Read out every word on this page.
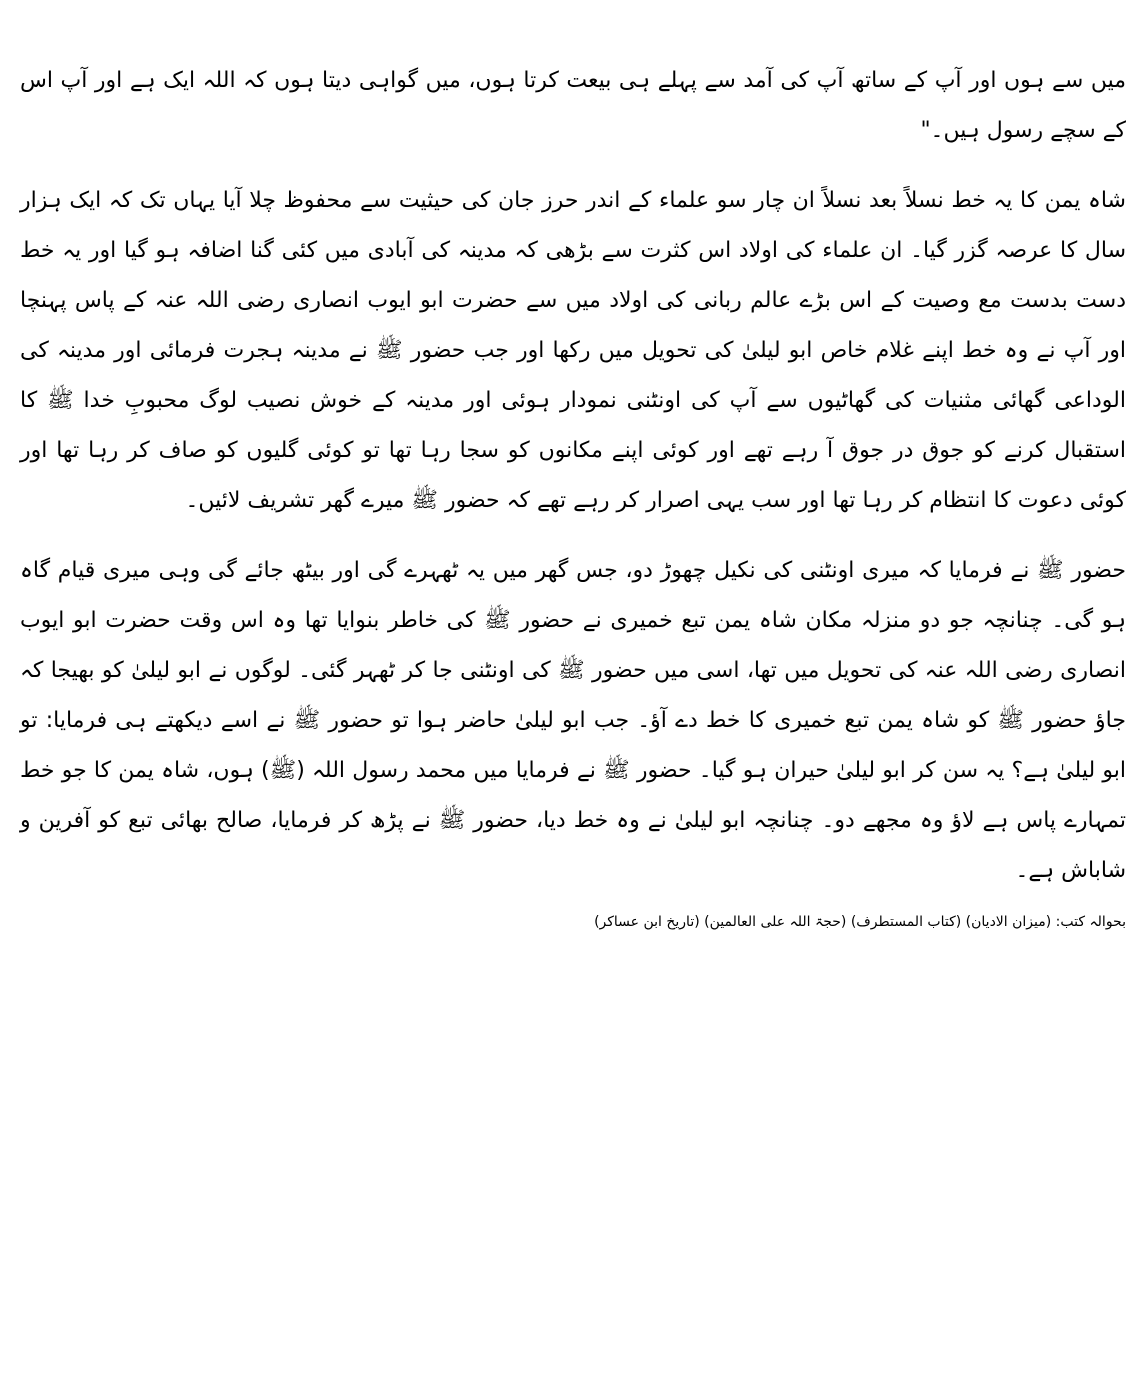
میں سے ہوں اور آپ کے ساتھ آپ کی آمد سے پہلے ہی بیعت کرتا ہوں، میں گواہی دیتا ہوں کہ اللہ ایک ہے اور آپ اس کے سچے رسول ہیں۔"

شاہ یمن کا یہ خط نسلاً بعد نسلاً ان چار سو علماء کے اندر حرز جان کی حیثیت سے محفوظ چلا آیا یہاں تک کہ ایک ہزار سال کا عرصہ گزر گیا۔ ان علماء کی اولاد اس کثرت سے بڑھی کہ مدینہ کی آبادی میں کئی گنا اضافہ ہو گیا اور یہ خط دست بدست مع وصیت کے اس بڑے عالم ربانی کی اولاد میں سے حضرت ابو ایوب انصاری رضی اللہ عنہ کے پاس پہنچا اور آپ نے وہ خط اپنے غلام خاص ابو لیلیٰ کی تحویل میں رکھا اور جب حضور ﷺ نے مدینہ ہجرت فرمائی اور مدینہ کی الوداعی گھائی مثنیات کی گھاٹیوں سے آپ کی اونٹنی نمودار ہوئی اور مدینہ کے خوش نصیب لوگ محبوبِ خدا ﷺ کا استقبال کرنے کو جوق در جوق آ رہے تھے اور کوئی اپنے مکانوں کو سجا رہا تھا تو کوئی گلیوں کو صاف کر رہا تھا اور کوئی دعوت کا انتظام کر رہا تھا اور سب یہی اصرار کر رہے تھے کہ حضور ﷺ میرے گھر تشریف لائیں۔

حضور ﷺ نے فرمایا کہ میری اونٹنی کی نکیل چھوڑ دو، جس گھر میں یہ ٹھہرے گی اور بیٹھ جائے گی وہی میری قیام گاہ ہو گی۔ چنانچہ جو دو منزلہ مکان شاہ یمن تبع خمیری نے حضور ﷺ کی خاطر بنوایا تھا وہ اس وقت حضرت ابو ایوب انصاری رضی اللہ عنہ کی تحویل میں تھا، اسی میں حضور ﷺ کی اونٹنی جا کر ٹھہر گئی۔ لوگوں نے ابو لیلیٰ کو بھیجا کہ جاؤ حضور ﷺ کو شاہ یمن تبع خمیری کا خط دے آؤ۔ جب ابو لیلیٰ حاضر ہوا تو حضور ﷺ نے اسے دیکھتے ہی فرمایا: تو ابو لیلیٰ ہے؟ یہ سن کر ابو لیلیٰ حیران ہو گیا۔ حضور ﷺ نے فرمایا میں محمد رسول اللہ (ﷺ) ہوں، شاہ یمن کا جو خط تمہارے پاس ہے لاؤ وہ مجھے دو۔ چنانچہ ابو لیلیٰ نے وہ خط دیا، حضور ﷺ نے پڑھ کر فرمایا، صالح بھائی تبع کو آفرین و شاباش ہے۔

بحوالہ کتب: (میزان الادیان) (کتاب المستطرف) (حجۃ اللہ علی العالمین) (تاریخ ابن عساکر)
